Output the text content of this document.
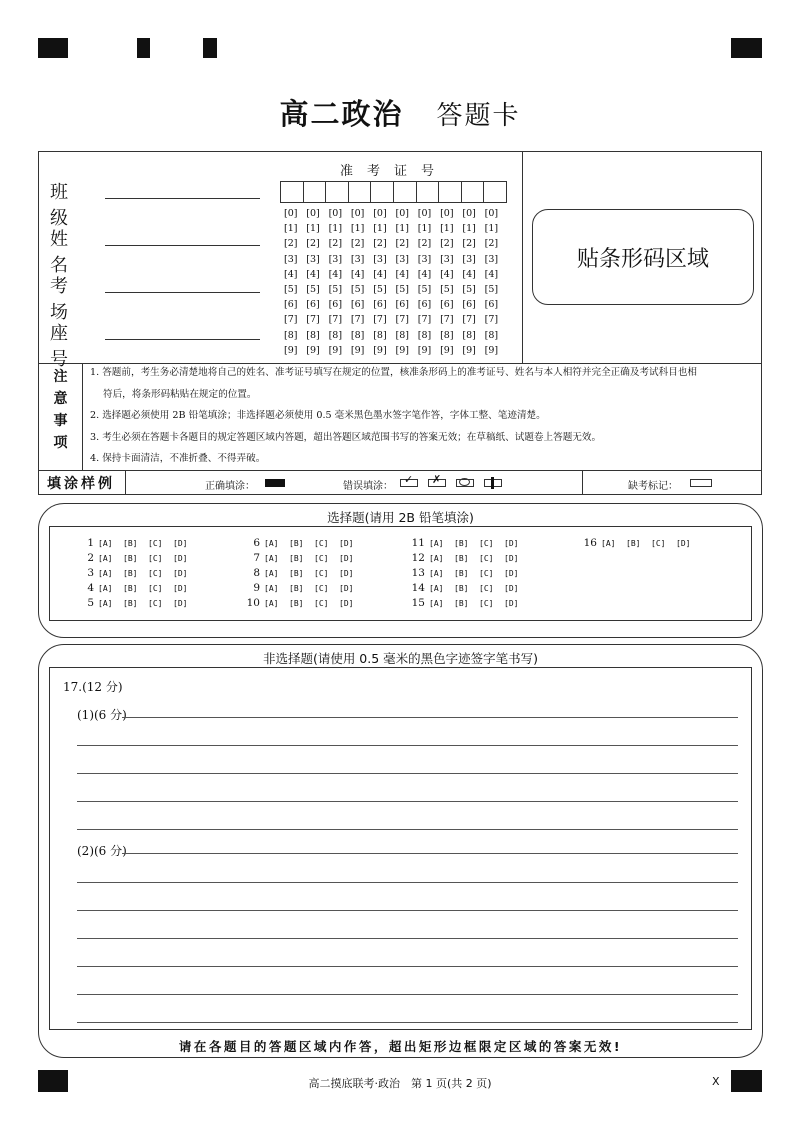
高二政治 答题卡
班　级
姓　名
考　场
座　号
准考证号
[0] [0] [0] [0] [0] [0] [0] [0] [0] [0]
[1] [1] [1] [1] [1] [1] [1] [1] [1] [1]
[2] [2] [2] [2] [2] [2] [2] [2] [2] [2]
[3] [3] [3] [3] [3] [3] [3] [3] [3] [3]
[4] [4] [4] [4] [4] [4] [4] [4] [4] [4]
[5] [5] [5] [5] [5] [5] [5] [5] [5] [5]
[6] [6] [6] [6] [6] [6] [6] [6] [6] [6]
[7] [7] [7] [7] [7] [7] [7] [7] [7] [7]
[8] [8] [8] [8] [8] [8] [8] [8] [8] [8]
[9] [9] [9] [9] [9] [9] [9] [9] [9] [9]
贴条形码区域
注
意
事
项
1. 答题前，考生务必清楚地将自己的姓名、准考证号填写在规定的位置，核准条形码上的准考证号、姓名与本人相符并完全正确及考试科目也相
符后，将条形码粘贴在规定的位置。
2. 选择题必须使用 2B 铅笔填涂；非选择题必须使用 0.5 毫米黑色墨水签字笔作答，字体工整、笔迹清楚。
3. 考生必须在答题卡各题目的规定答题区域内答题，超出答题区域范围书写的答案无效；在草稿纸、试题卷上答题无效。
4. 保持卡面清洁，不准折叠、不得弄破。
填涂样例	正确填涂：	错误填涂：
✓ ✗
缺考标记：
选择题(请用 2B 铅笔填涂)
1 [A] [B] [C] [D]
2 [A] [B] [C] [D]
3 [A] [B] [C] [D]
4 [A] [B] [C] [D]
5 [A] [B] [C] [D]
6 [A] [B] [C] [D]
7 [A] [B] [C] [D]
8 [A] [B] [C] [D]
9 [A] [B] [C] [D]
10 [A] [B] [C] [D]
11 [A] [B] [C] [D]
12 [A] [B] [C] [D]
13 [A] [B] [C] [D]
14 [A] [B] [C] [D]
15 [A] [B] [C] [D]
16 [A] [B] [C] [D]
非选择题(请使用 0.5 毫米的黑色字迹签字笔书写)
17.(12 分)
(1)(6 分)
(2)(6 分)
请在各题目的答题区域内作答，超出矩形边框限定区域的答案无效!
高二摸底联考·政治　第 1 页(共 2 页)	X
